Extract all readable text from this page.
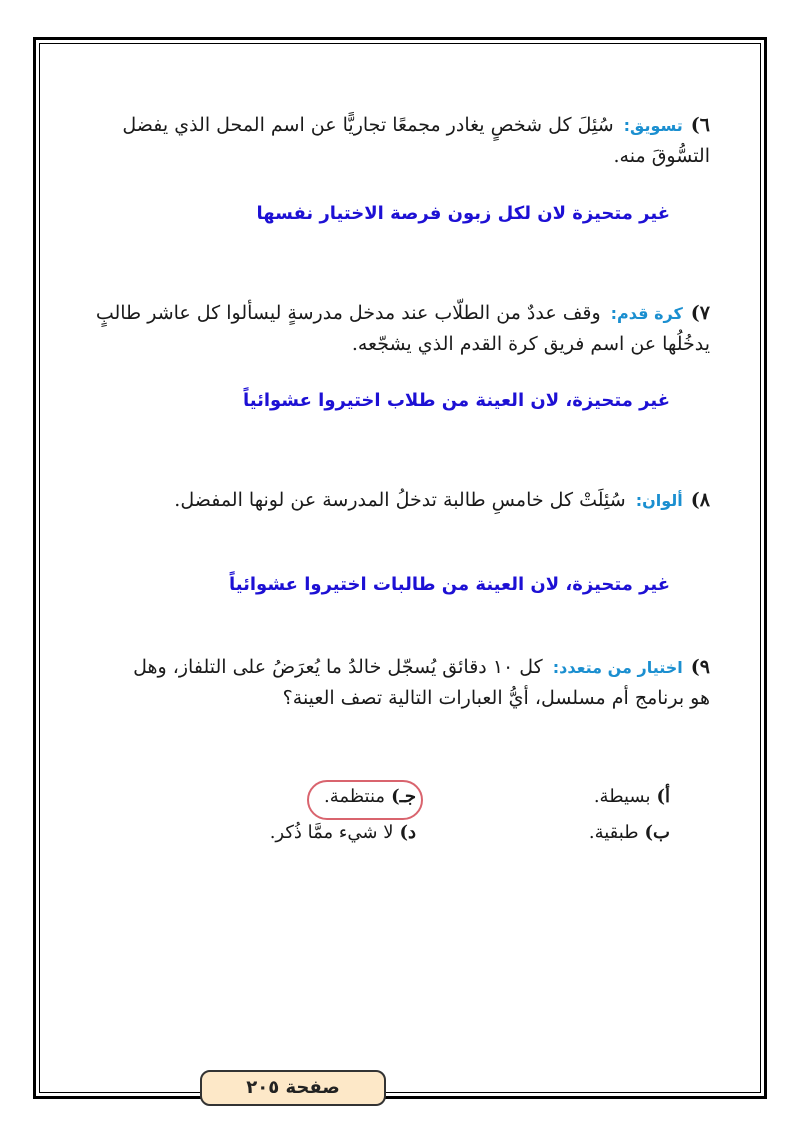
٦)تسويق:سُئِلَ كل شخصٍ يغادر مجمعًا تجاريًّا عن اسم المحل الذي يفضل التسُّوقَ منه.
غير متحيزة لان لكل زبون فرصة الاختيار نفسها
٧)كرة قدم:وقف عددٌ من الطلّاب عند مدخل مدرسةٍ ليسألوا كل عاشر طالبٍ يدخُلُها عن اسم فريق كرة القدم الذي يشجّعه.
غير متحيزة، لان العينة من طلاب اختيروا عشوائياً
٨)ألوان:سُئِلَتْ كل خامسِ طالبة تدخلُ المدرسة عن لونها المفضل.
غير متحيزة، لان العينة من طالبات اختيروا عشوائياً
٩)اختيار من متعدد:كل ١٠ دقائق يُسجّل خالدُ ما يُعرَضُ على التلفاز، وهل هو برنامج أم مسلسل، أيُّ العبارات التالية تصف العينة؟
أ)بسيطة.
جـ)منتظمة.
ب)طبقية.
د)لا شيء ممَّا ذُكر.
صفحة ٢٠٥
